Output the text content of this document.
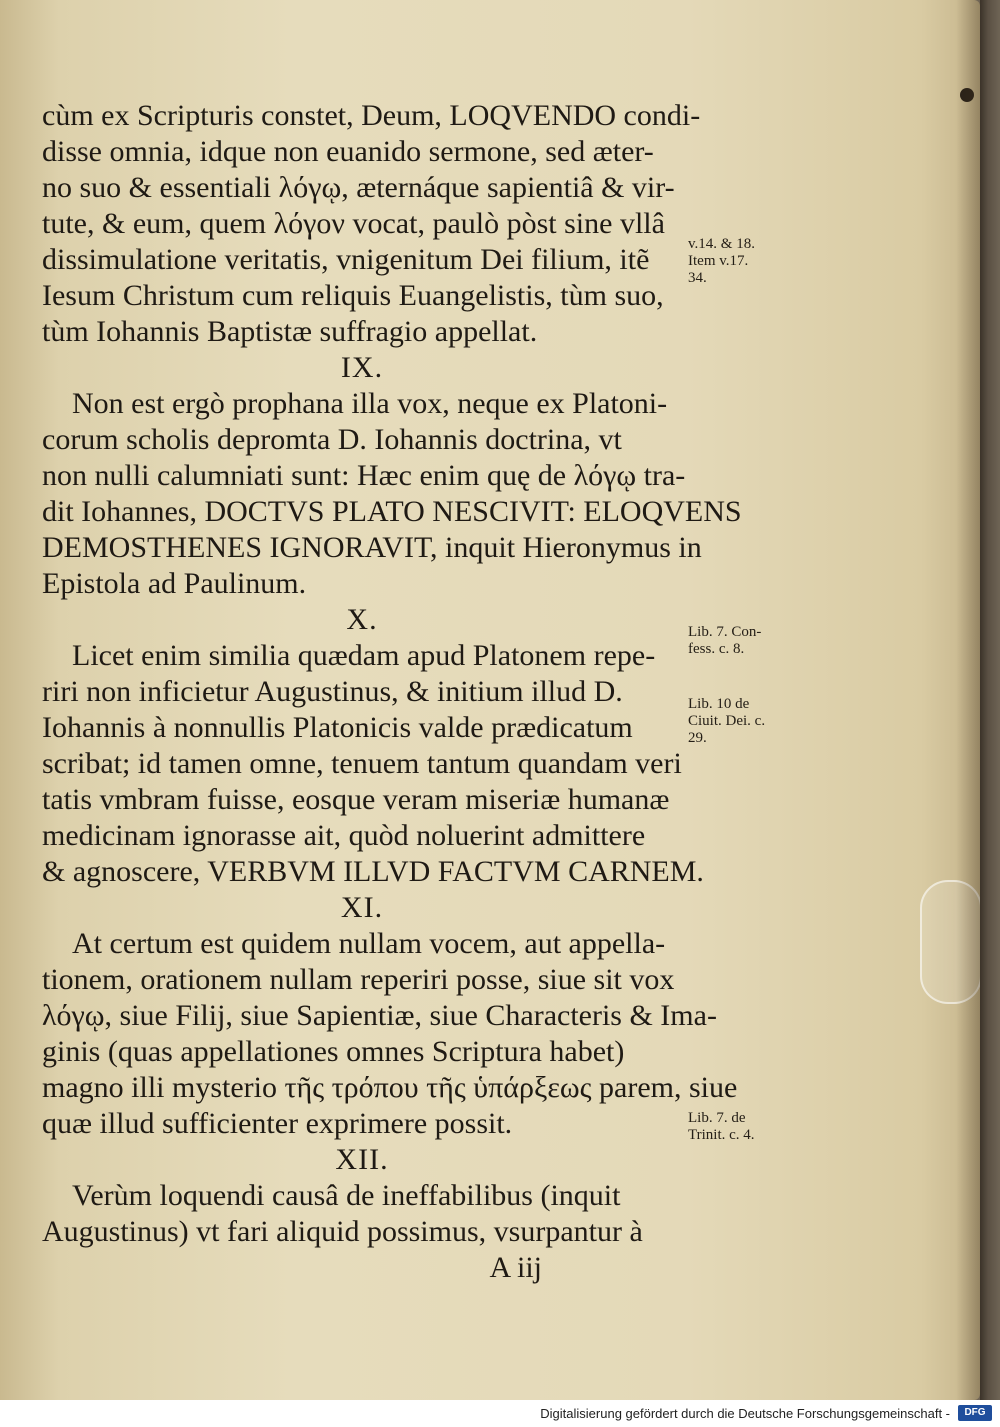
cùm ex Scripturis constet, Deum, LOQVENDO condi-
disse omnia, idque non euanido sermone, sed æter-
no suo & essentiali λόγῳ, æternáque sapientiâ & vir-
tute, & eum, quem λόγον vocat, paulò pòst sine vllâ
dissimulatione veritatis, vnigenitum Dei filium, itẽ
Iesum Christum cum reliquis Euangelistis, tùm suo,
tùm Iohannis Baptistæ suffragio appellat.
IX.
Non est ergò prophana illa vox, neque ex Platoni-
corum scholis depromta D. Iohannis doctrina, vt
non nulli calumniati sunt: Hæc enim quę de λόγῳ tra-
dit Iohannes, DOCTVS PLATO NESCIVIT: ELOQVENS
DEMOSTHENES IGNORAVIT, inquit Hieronymus in
Epistola ad Paulinum.
X.
Licet enim similia quædam apud Platonem repe-
riri non inficietur Augustinus, & initium illud D.
Iohannis à nonnullis Platonicis valde prædicatum
scribat; id tamen omne, tenuem tantum quandam veri
tatis vmbram fuisse, eosque veram miseriæ humanæ
medicinam ignorasse ait, quòd noluerint admittere
& agnoscere, VERBVM ILLVD FACTVM CARNEM.
XI.
At certum est quidem nullam vocem, aut appella-
tionem, orationem nullam reperiri posse, siue sit vox
λόγῳ, siue Filij, siue Sapientiæ, siue Characteris & Ima-
ginis (quas appellationes omnes Scriptura habet)
magno illi mysterio τῆς τρόπου τῆς ὑπάρξεως parem, siue
quæ illud sufficienter exprimere possit.
XII.
Verùm loquendi causâ de ineffabilibus (inquit
Augustinus) vt fari aliquid possimus, vsurpantur à
A iij
v.14. & 18.
Item v.17.
34.
Lib. 7. Con-
fess. c. 8.
Lib. 10 de
Ciuit. Dei. c.
29.
Lib. 7. de
Trinit. c. 4.
Digitalisierung gefördert durch die Deutsche Forschungsgemeinschaft -	DFG
